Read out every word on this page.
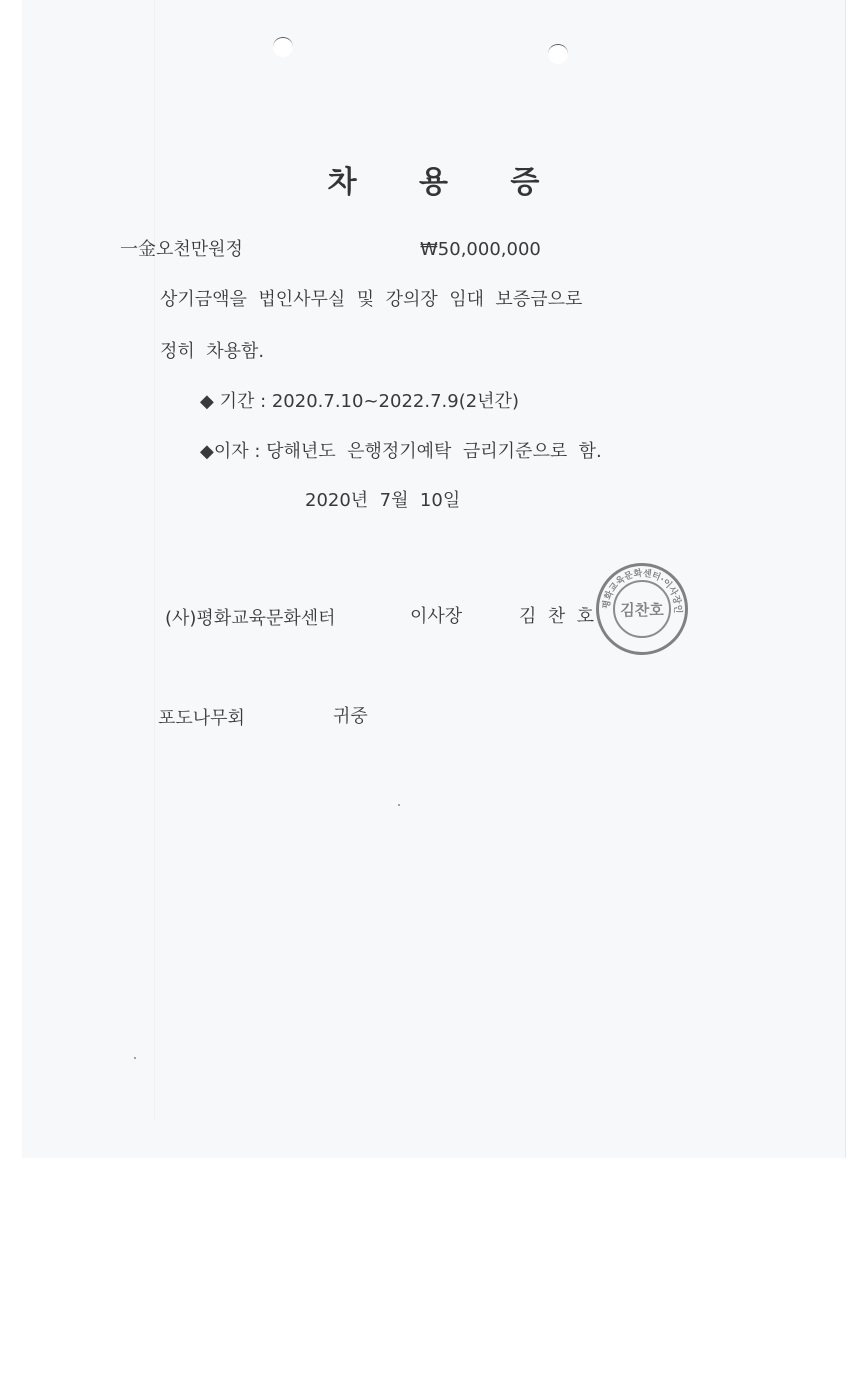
차 용 증
一金오천만원정	₩50,000,000
상기금액을  법인사무실  및  강의장  임대  보증금으로
정히  차용함.
◆ 기간 : 2020.7.10~2022.7.9(2년간)
◆이자 : 당해년도  은행정기예탁  금리기준으로  함.
2020년  7월  10일
(사)평화교육문화센터	이사장	김  찬  호
평화교육문화센터·이사장인
김찬호
포도나무회	귀중
